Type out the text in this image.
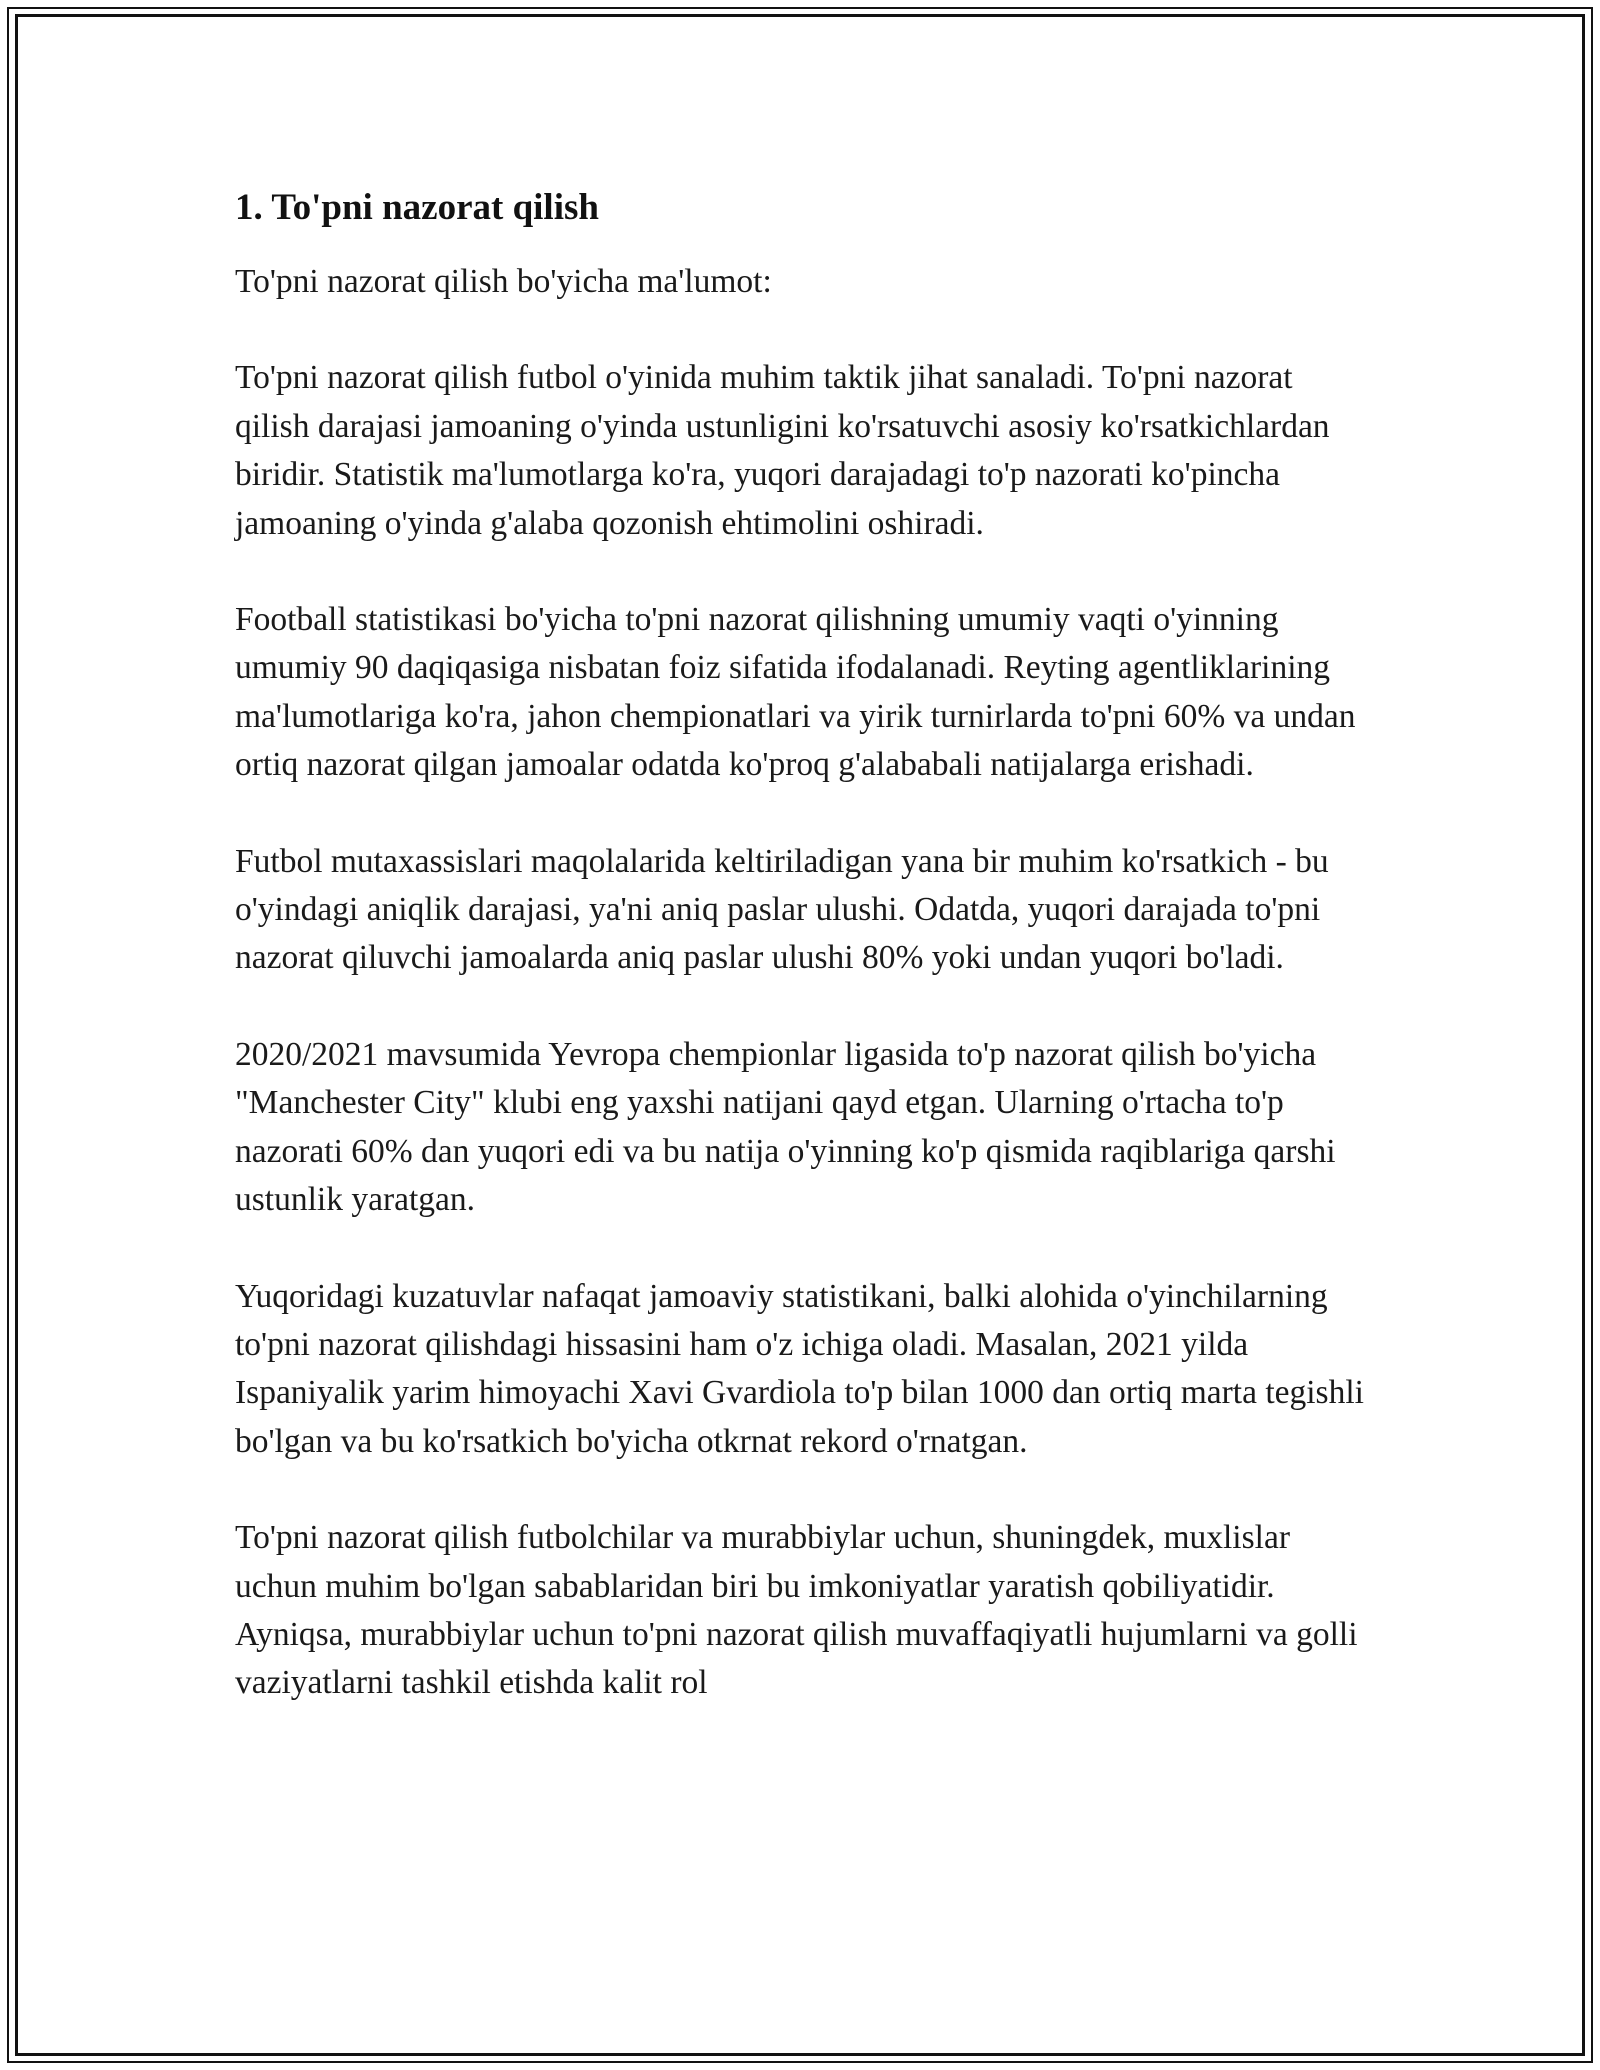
1. To'pni nazorat qilish

To'pni nazorat qilish bo'yicha ma'lumot:

To'pni nazorat qilish futbol o'yinida muhim taktik jihat sanaladi. To'pni nazorat qilish darajasi jamoaning o'yinda ustunligini ko'rsatuvchi asosiy ko'rsatkichlardan biridir. Statistik ma'lumotlarga ko'ra, yuqori darajadagi to'p nazorati ko'pincha jamoaning o'yinda g'alaba qozonish ehtimolini oshiradi.

Football statistikasi bo'yicha to'pni nazorat qilishning umumiy vaqti o'yinning umumiy 90 daqiqasiga nisbatan foiz sifatida ifodalanadi. Reyting agentliklarining ma'lumotlariga ko'ra, jahon chempionatlari va yirik turnirlarda to'pni 60% va undan ortiq nazorat qilgan jamoalar odatda ko'proq g'alababali natijalarga erishadi.

Futbol mutaxassislari maqolalarida keltiriladigan yana bir muhim ko'rsatkich - bu o'yindagi aniqlik darajasi, ya'ni aniq paslar ulushi. Odatda, yuqori darajada to'pni nazorat qiluvchi jamoalarda aniq paslar ulushi 80% yoki undan yuqori bo'ladi.

2020/2021 mavsumida Yevropa chempionlar ligasida to'p nazorat qilish bo'yicha "Manchester City" klubi eng yaxshi natijani qayd etgan. Ularning o'rtacha to'p nazorati 60% dan yuqori edi va bu natija o'yinning ko'p qismida raqiblariga qarshi ustunlik yaratgan.

Yuqoridagi kuzatuvlar nafaqat jamoaviy statistikani, balki alohida o'yinchilarning to'pni nazorat qilishdagi hissasini ham o'z ichiga oladi. Masalan, 2021 yilda Ispaniyalik yarim himoyachi Xavi Gvardiola to'p bilan 1000 dan ortiq marta tegishli bo'lgan va bu ko'rsatkich bo'yicha otkrnat rekord o'rnatgan.

To'pni nazorat qilish futbolchilar va murabbiylar uchun, shuningdek, muxlislar uchun muhim bo'lgan sabablaridan biri bu imkoniyatlar yaratish qobiliyatidir. Ayniqsa, murabbiylar uchun to'pni nazorat qilish muvaffaqiyatli hujumlarni va golli vaziyatlarni tashkil etishda kalit rol
